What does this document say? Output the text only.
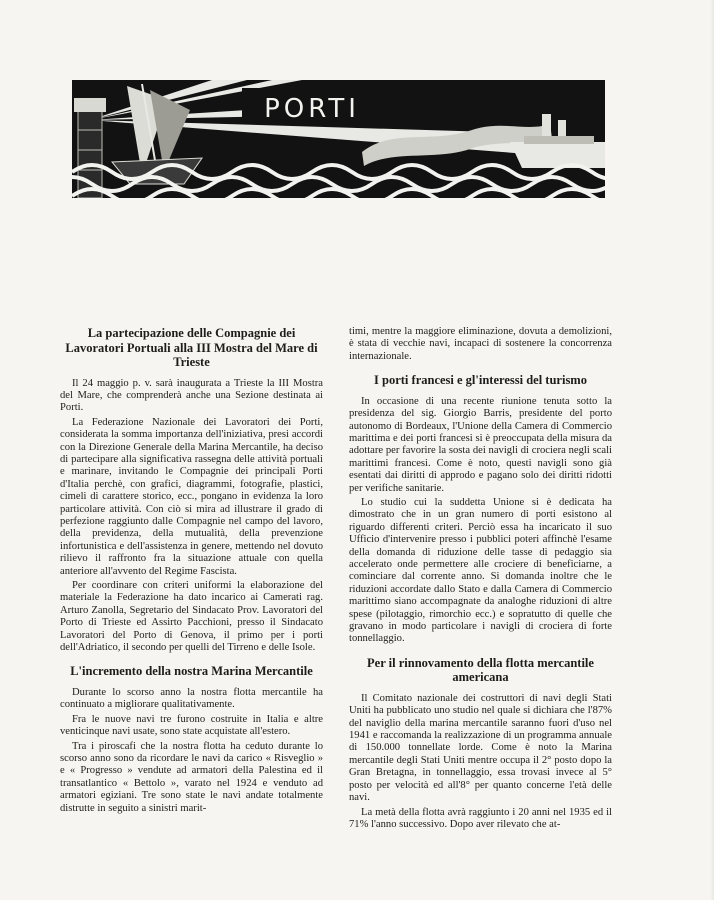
PORTI
La partecipazione delle Compagnie dei Lavoratori Portuali alla III Mostra del Mare di Trieste

Il 24 maggio p. v. sarà inaugurata a Trieste la III Mostra del Mare, che comprenderà anche una Sezione destinata ai Porti.

La Federazione Nazionale dei Lavoratori dei Porti, considerata la somma importanza dell'iniziativa, presi accordi con la Direzione Generale della Marina Mercantile, ha deciso di partecipare alla significativa rassegna delle attività portuali e marinare, invitando le Compagnie dei principali Porti d'Italia perchè, con grafici, diagrammi, fotografie, plastici, cimeli di carattere storico, ecc., pongano in evidenza la loro particolare attività. Con ciò si mira ad illustrare il grado di perfezione raggiunto dalle Compagnie nel campo del lavoro, della previdenza, della mutualità, della prevenzione infortunistica e dell'assistenza in genere, mettendo nel dovuto rilievo il raffronto fra la situazione attuale con quella anteriore all'avvento del Regime Fascista.

Per coordinare con criteri uniformi la elaborazione del materiale la Federazione ha dato incarico ai Camerati rag. Arturo Zanolla, Segretario del Sindacato Prov. Lavoratori del Porto di Trieste ed Assirto Pacchioni, presso il Sindacato Lavoratori del Porto di Genova, il primo per i porti dell'Adriatico, il secondo per quelli del Tirreno e delle Isole.

L'incremento della nostra Marina Mercantile

Durante lo scorso anno la nostra flotta mercantile ha continuato a migliorare qualitativamente.

Fra le nuove navi tre furono costruite in Italia e altre venticinque navi usate, sono state acquistate all'estero.

Tra i piroscafi che la nostra flotta ha ceduto durante lo scorso anno sono da ricordare le navi da carico « Risveglio » e « Progresso » vendute ad armatori della Palestina ed il transatlantico « Bettolo », varato nel 1924 e venduto ad armatori egiziani. Tre sono state le navi andate totalmente distrutte in seguito a sinistri marit-

timi, mentre la maggiore eliminazione, dovuta a demolizioni, è stata di vecchie navi, incapaci di sostenere la concorrenza internazionale.

I porti francesi e gl'interessi del turismo

In occasione di una recente riunione tenuta sotto la presidenza del sig. Giorgio Barris, presidente del porto autonomo di Bordeaux, l'Unione della Camera di Commercio marittima e dei porti francesi si è preoccupata della misura da adottare per favorire la sosta dei navigli di crociera negli scali marittimi francesi. Come è noto, questi navigli sono già esentati dai diritti di approdo e pagano solo dei diritti ridotti per verifiche sanitarie.

Lo studio cui la suddetta Unione si è dedicata ha dimostrato che in un gran numero di porti esistono al riguardo differenti criteri. Perciò essa ha incaricato il suo Ufficio d'intervenire presso i pubblici poteri affinchè l'esame della domanda di riduzione delle tasse di pedaggio sia accelerato onde permettere alle crociere di beneficiarne, a cominciare dal corrente anno. Si domanda inoltre che le riduzioni accordate dallo Stato e dalla Camera di Commercio marittimo siano accompagnate da analoghe riduzioni di altre spese (pilotaggio, rimorchio ecc.) e sopratutto di quelle che gravano in modo particolare i navigli di crociera di forte tonnellaggio.

Per il rinnovamento della flotta mercantile americana

Il Comitato nazionale dei costruttori di navi degli Stati Uniti ha pubblicato uno studio nel quale si dichiara che l'87% del naviglio della marina mercantile saranno fuori d'uso nel 1941 e raccomanda la realizzazione di un programma annuale di 150.000 tonnellate lorde. Come è noto la Marina mercantile degli Stati Uniti mentre occupa il 2° posto dopo la Gran Bretagna, in tonnellaggio, essa trovasi invece al 5° posto per velocità ed all'8° per quanto concerne l'età delle navi.

La metà della flotta avrà raggiunto i 20 anni nel 1935 ed il 71% l'anno successivo. Dopo aver rilevato che at-
